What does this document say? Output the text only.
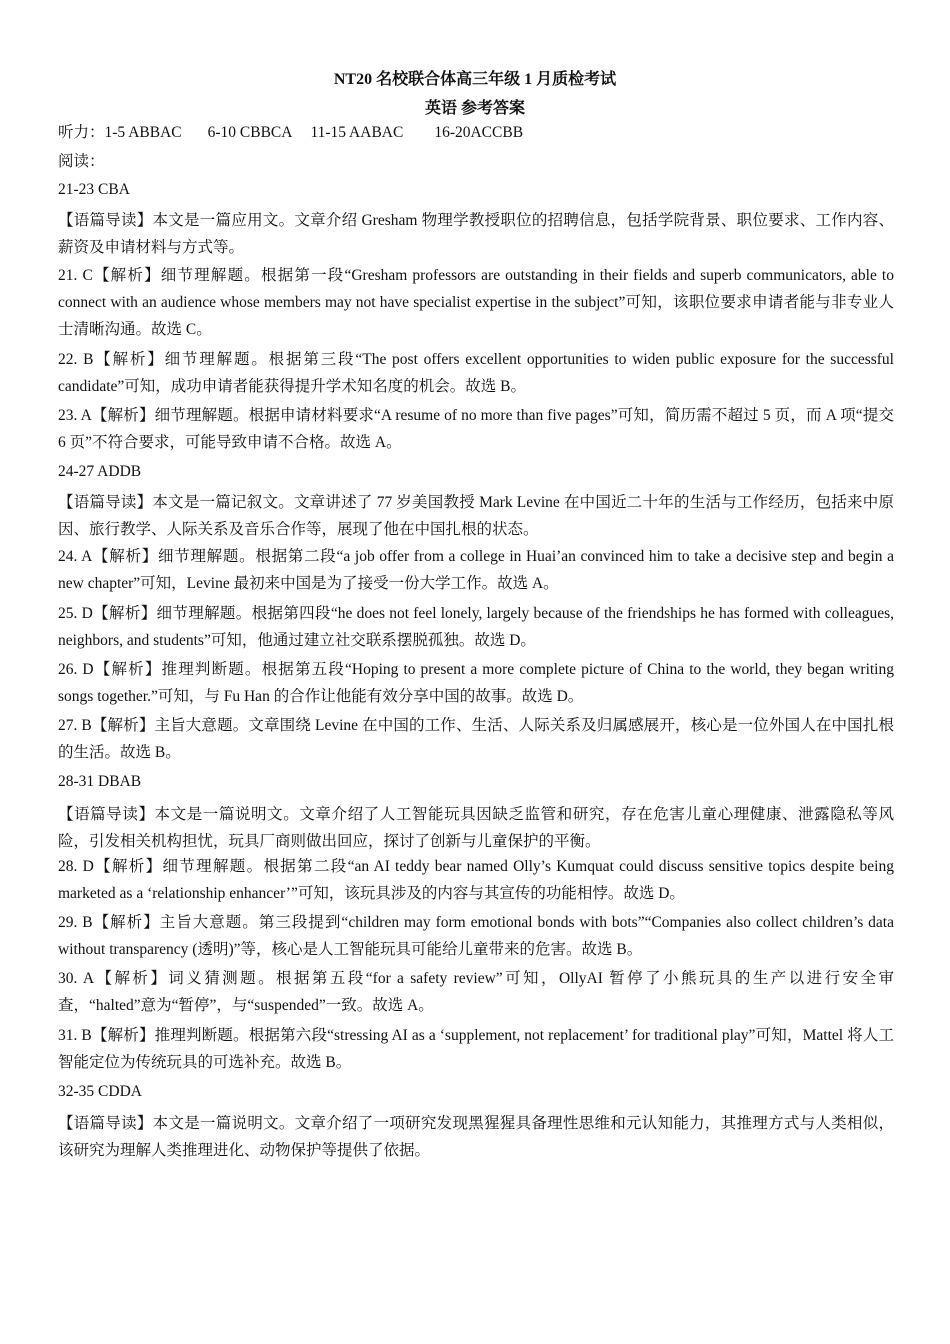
NT20 名校联合体高三年级 1 月质检考试
英语 参考答案
听力：1-5 ABBAC 6-10 CBBCA 11-15 AABAC 16-20ACCBB
阅读：
21-23 CBA
【语篇导读】本文是一篇应用文。文章介绍 Gresham 物理学教授职位的招聘信息，包括学院背景、职位要求、工作内容、薪资及申请材料与方式等。
21. C【解析】细节理解题。根据第一段“Gresham professors are outstanding in their fields and superb communicators, able to connect with an audience whose members may not have specialist expertise in the subject”可知，该职位要求申请者能与非专业人士清晰沟通。故选 C。
22. B【解析】细节理解题。根据第三段“The post offers excellent opportunities to widen public exposure for the successful candidate”可知，成功申请者能获得提升学术知名度的机会。故选 B。
23. A【解析】细节理解题。根据申请材料要求“A resume of no more than five pages”可知，简历需不超过 5 页，而 A 项“提交 6 页”不符合要求，可能导致申请不合格。故选 A。
24-27 ADDB
【语篇导读】本文是一篇记叙文。文章讲述了 77 岁美国教授 Mark Levine 在中国近二十年的生活与工作经历，包括来中原因、旅行教学、人际关系及音乐合作等，展现了他在中国扎根的状态。
24. A【解析】细节理解题。根据第二段“a job offer from a college in Huai’an convinced him to take a decisive step and begin a new chapter”可知，Levine 最初来中国是为了接受一份大学工作。故选 A。
25. D【解析】细节理解题。根据第四段“he does not feel lonely, largely because of the friendships he has formed with colleagues, neighbors, and students”可知，他通过建立社交联系摆脱孤独。故选 D。
26. D【解析】推理判断题。根据第五段“Hoping to present a more complete picture of China to the world, they began writing songs together.”可知，与 Fu Han 的合作让他能有效分享中国的故事。故选 D。
27. B【解析】主旨大意题。文章围绕 Levine 在中国的工作、生活、人际关系及归属感展开，核心是一位外国人在中国扎根的生活。故选 B。
28-31 DBAB
【语篇导读】本文是一篇说明文。文章介绍了人工智能玩具因缺乏监管和研究，存在危害儿童心理健康、泄露隐私等风险，引发相关机构担忧，玩具厂商则做出回应，探讨了创新与儿童保护的平衡。
28. D【解析】细节理解题。根据第二段“an AI teddy bear named Olly’s Kumquat could discuss sensitive topics despite being marketed as a ‘relationship enhancer’”可知，该玩具涉及的内容与其宣传的功能相悖。故选 D。
29. B【解析】主旨大意题。第三段提到“children may form emotional bonds with bots”“Companies also collect children’s data without transparency (透明)”等，核心是人工智能玩具可能给儿童带来的危害。故选 B。
30. A【解析】词义猜测题。根据第五段“for a safety review”可知，OllyAI 暂停了小熊玩具的生产以进行安全审查，“halted”意为“暂停”，与“suspended”一致。故选 A。
31. B【解析】推理判断题。根据第六段“stressing AI as a ‘supplement, not replacement’ for traditional play”可知，Mattel 将人工智能定位为传统玩具的可选补充。故选 B。
32-35 CDDA
【语篇导读】本文是一篇说明文。文章介绍了一项研究发现黑猩猩具备理性思维和元认知能力，其推理方式与人类相似，该研究为理解人类推理进化、动物保护等提供了依据。
